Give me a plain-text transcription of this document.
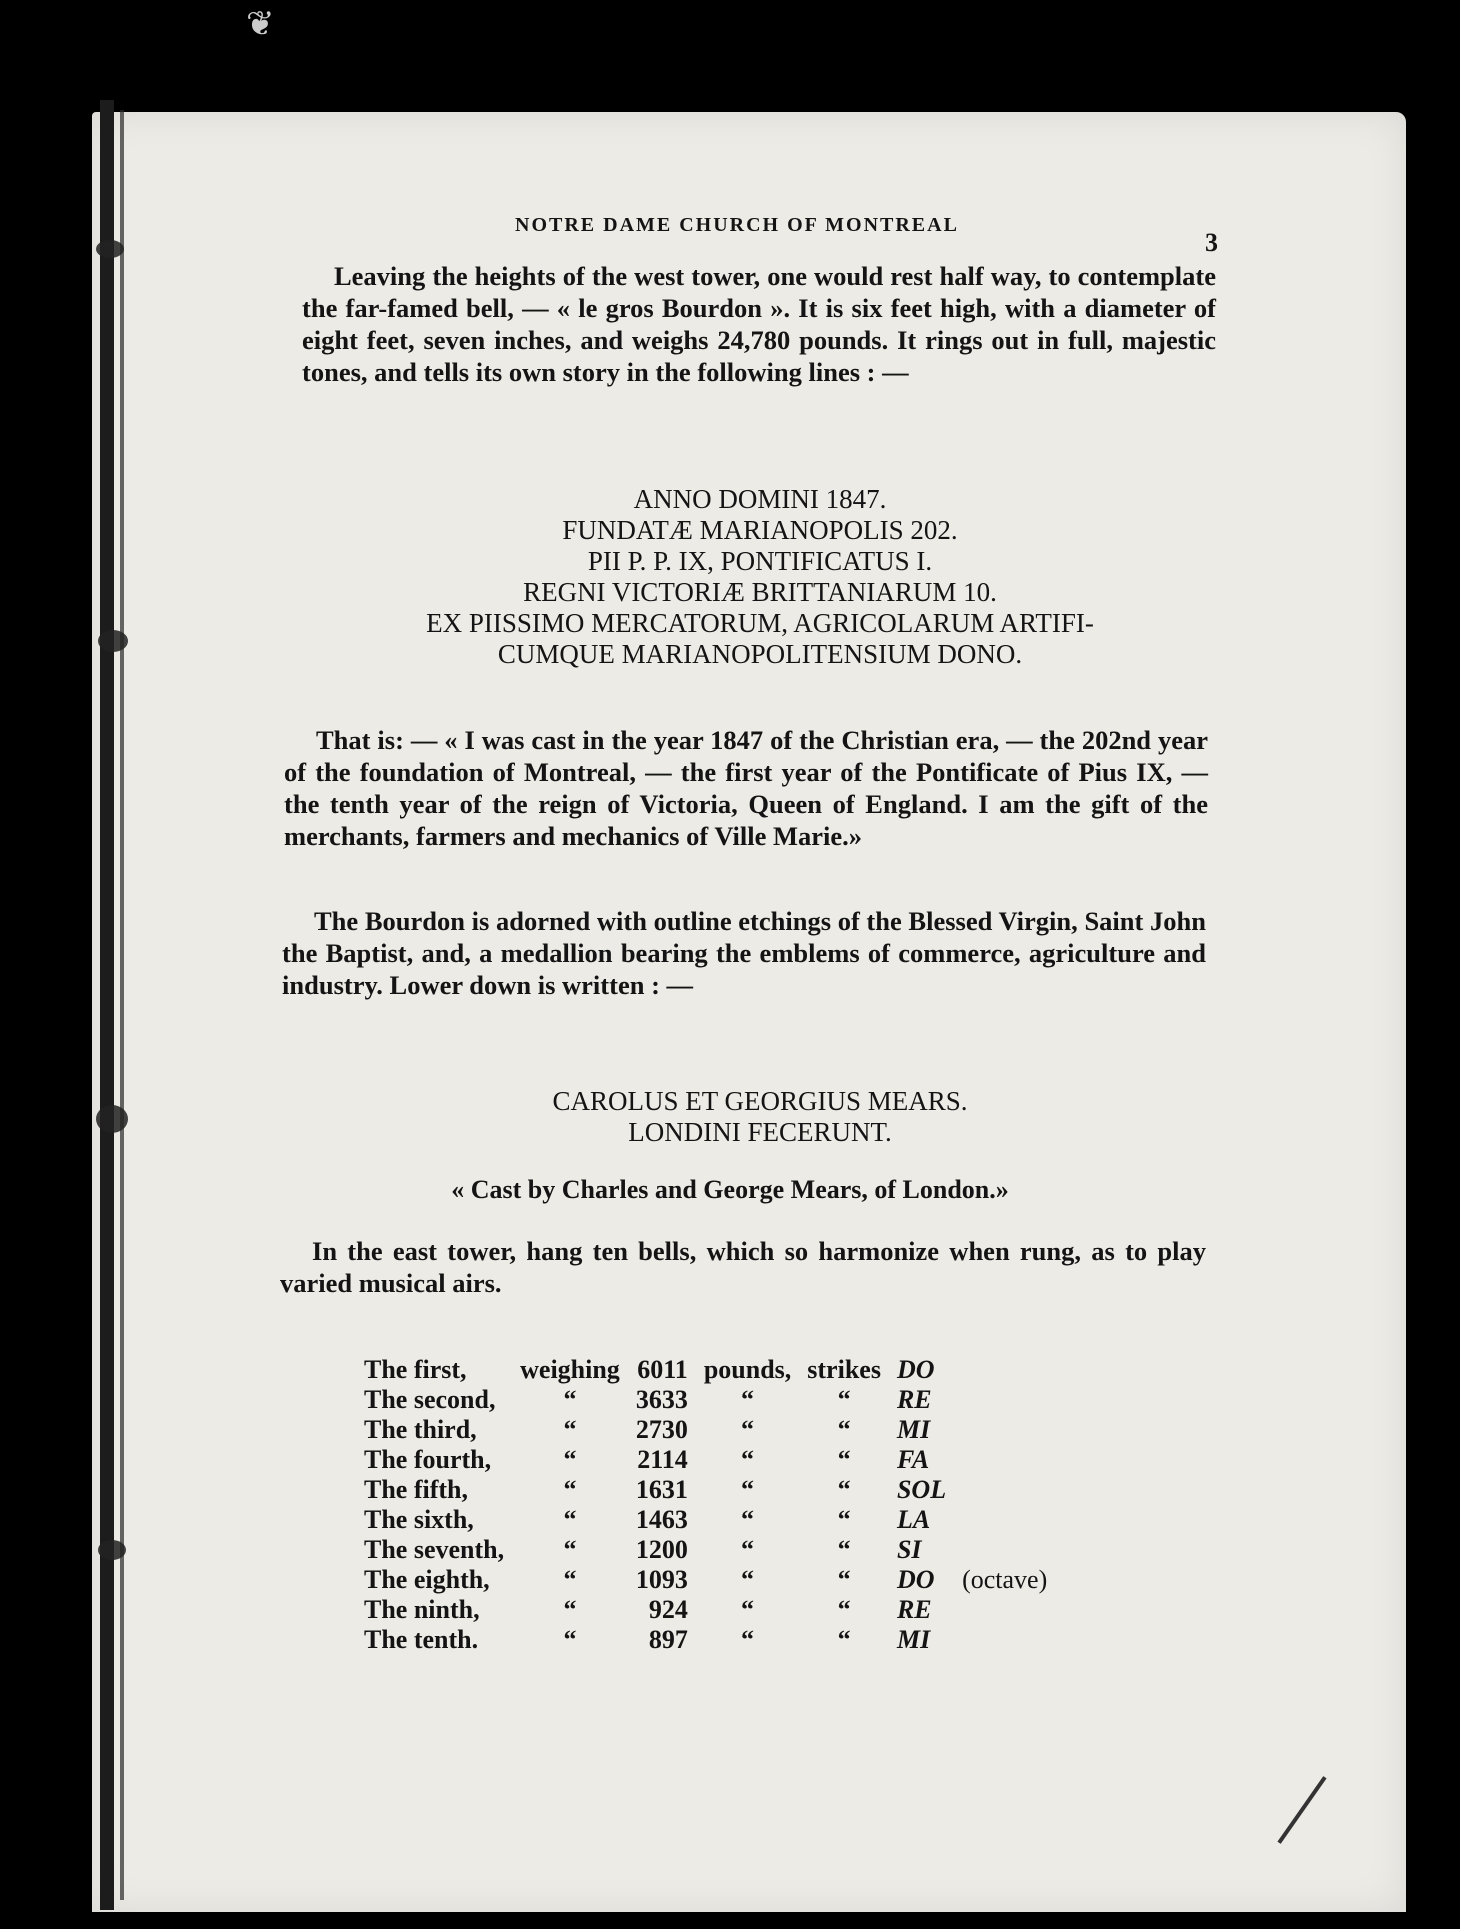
❦
NOTRE DAME CHURCH OF MONTREAL
3

Leaving the heights of the west tower, one would rest half way, to contemplate the far-famed bell, — « le gros Bourdon ». It is six feet high, with a diameter of eight feet, seven inches, and weighs 24,780 pounds. It rings out in full, majestic tones, and tells its own story in the following lines : —

ANNO DOMINI 1847.
FUNDATÆ MARIANOPOLIS 202.
PII P. P. IX, PONTIFICATUS I.
REGNI VICTORIÆ BRITTANIARUM 10.
EX PIISSIMO MERCATORUM, AGRICOLARUM ARTIFI-
CUMQUE MARIANOPOLITENSIUM DONO.

That is: — « I was cast in the year 1847 of the Christian era, — the 202nd year of the foundation of Montreal, — the first year of the Pontificate of Pius IX, — the tenth year of the reign of Victoria, Queen of England. I am the gift of the merchants, farmers and mechanics of Ville Marie.»

The Bourdon is adorned with outline etchings of the Blessed Virgin, Saint John the Baptist, and, a medallion bearing the emblems of commerce, agriculture and industry. Lower down is written : —

CAROLUS ET GEORGIUS MEARS.
LONDINI FECERUNT.
« Cast by Charles and George Mears, of London.»

In the east tower, hang ten bells, which so harmonize when rung, as to play varied musical airs.

The first,	weighing	6011	pounds,	strikes	DO	
The second,	“	3633	“	“	RE	
The third,	“	2730	“	“	MI	
The fourth,	“	2114	“	“	FA	
The fifth,	“	1631	“	“	SOL	
The sixth,	“	1463	“	“	LA	
The seventh,	“	1200	“	“	SI	
The eighth,	“	1093	“	“	DO	(octave)
The ninth,	“	924	“	“	RE	
The tenth.	“	897	“	“	MI	
